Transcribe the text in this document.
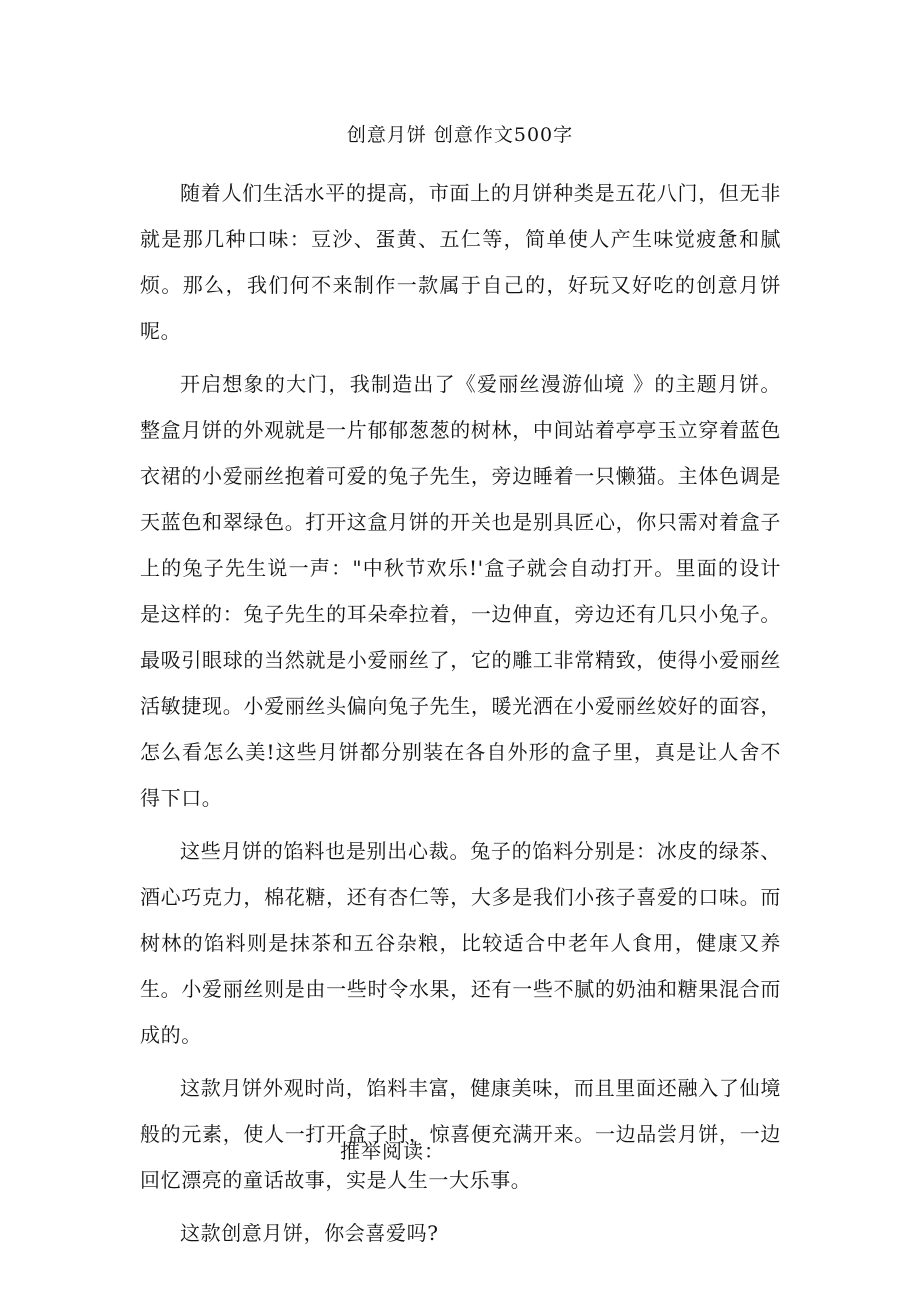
创意月饼 创意作文500字

随着人们生活水平的提高，市面上的月饼种类是五花八门，但无非就是那几种口味：豆沙、蛋黄、五仁等，简单使人产生味觉疲惫和腻烦。那么，我们何不来制作一款属于自己的，好玩又好吃的创意月饼呢。

开启想象的大门，我制造出了《爱丽丝漫游仙境 》的主题月饼。整盒月饼的外观就是一片郁郁葱葱的树林，中间站着亭亭玉立穿着蓝色衣裙的小爱丽丝抱着可爱的兔子先生，旁边睡着一只懒猫。主体色调是天蓝色和翠绿色。打开这盒月饼的开关也是别具匠心，你只需对着盒子上的兔子先生说一声："中秋节欢乐!'盒子就会自动打开。里面的设计是这样的：兔子先生的耳朵牵拉着，一边伸直，旁边还有几只小兔子。最吸引眼球的当然就是小爱丽丝了，它的雕工非常精致，使得小爱丽丝活敏捷现。小爱丽丝头偏向兔子先生，暖光洒在小爱丽丝姣好的面容，怎么看怎么美!这些月饼都分别装在各自外形的盒子里，真是让人舍不得下口。

这些月饼的馅料也是别出心裁。兔子的馅料分别是：冰皮的绿茶、酒心巧克力，棉花糖，还有杏仁等，大多是我们小孩子喜爱的口味。而树林的馅料则是抹茶和五谷杂粮，比较适合中老年人食用，健康又养生。小爱丽丝则是由一些时令水果，还有一些不腻的奶油和糖果混合而成的。

这款月饼外观时尚，馅料丰富，健康美味，而且里面还融入了仙境般的元素，使人一打开盒子时，惊喜便充满开来。一边品尝月饼，一边回忆漂亮的童话故事，实是人生一大乐事。

这款创意月饼，你会喜爱吗?

推举阅读：
